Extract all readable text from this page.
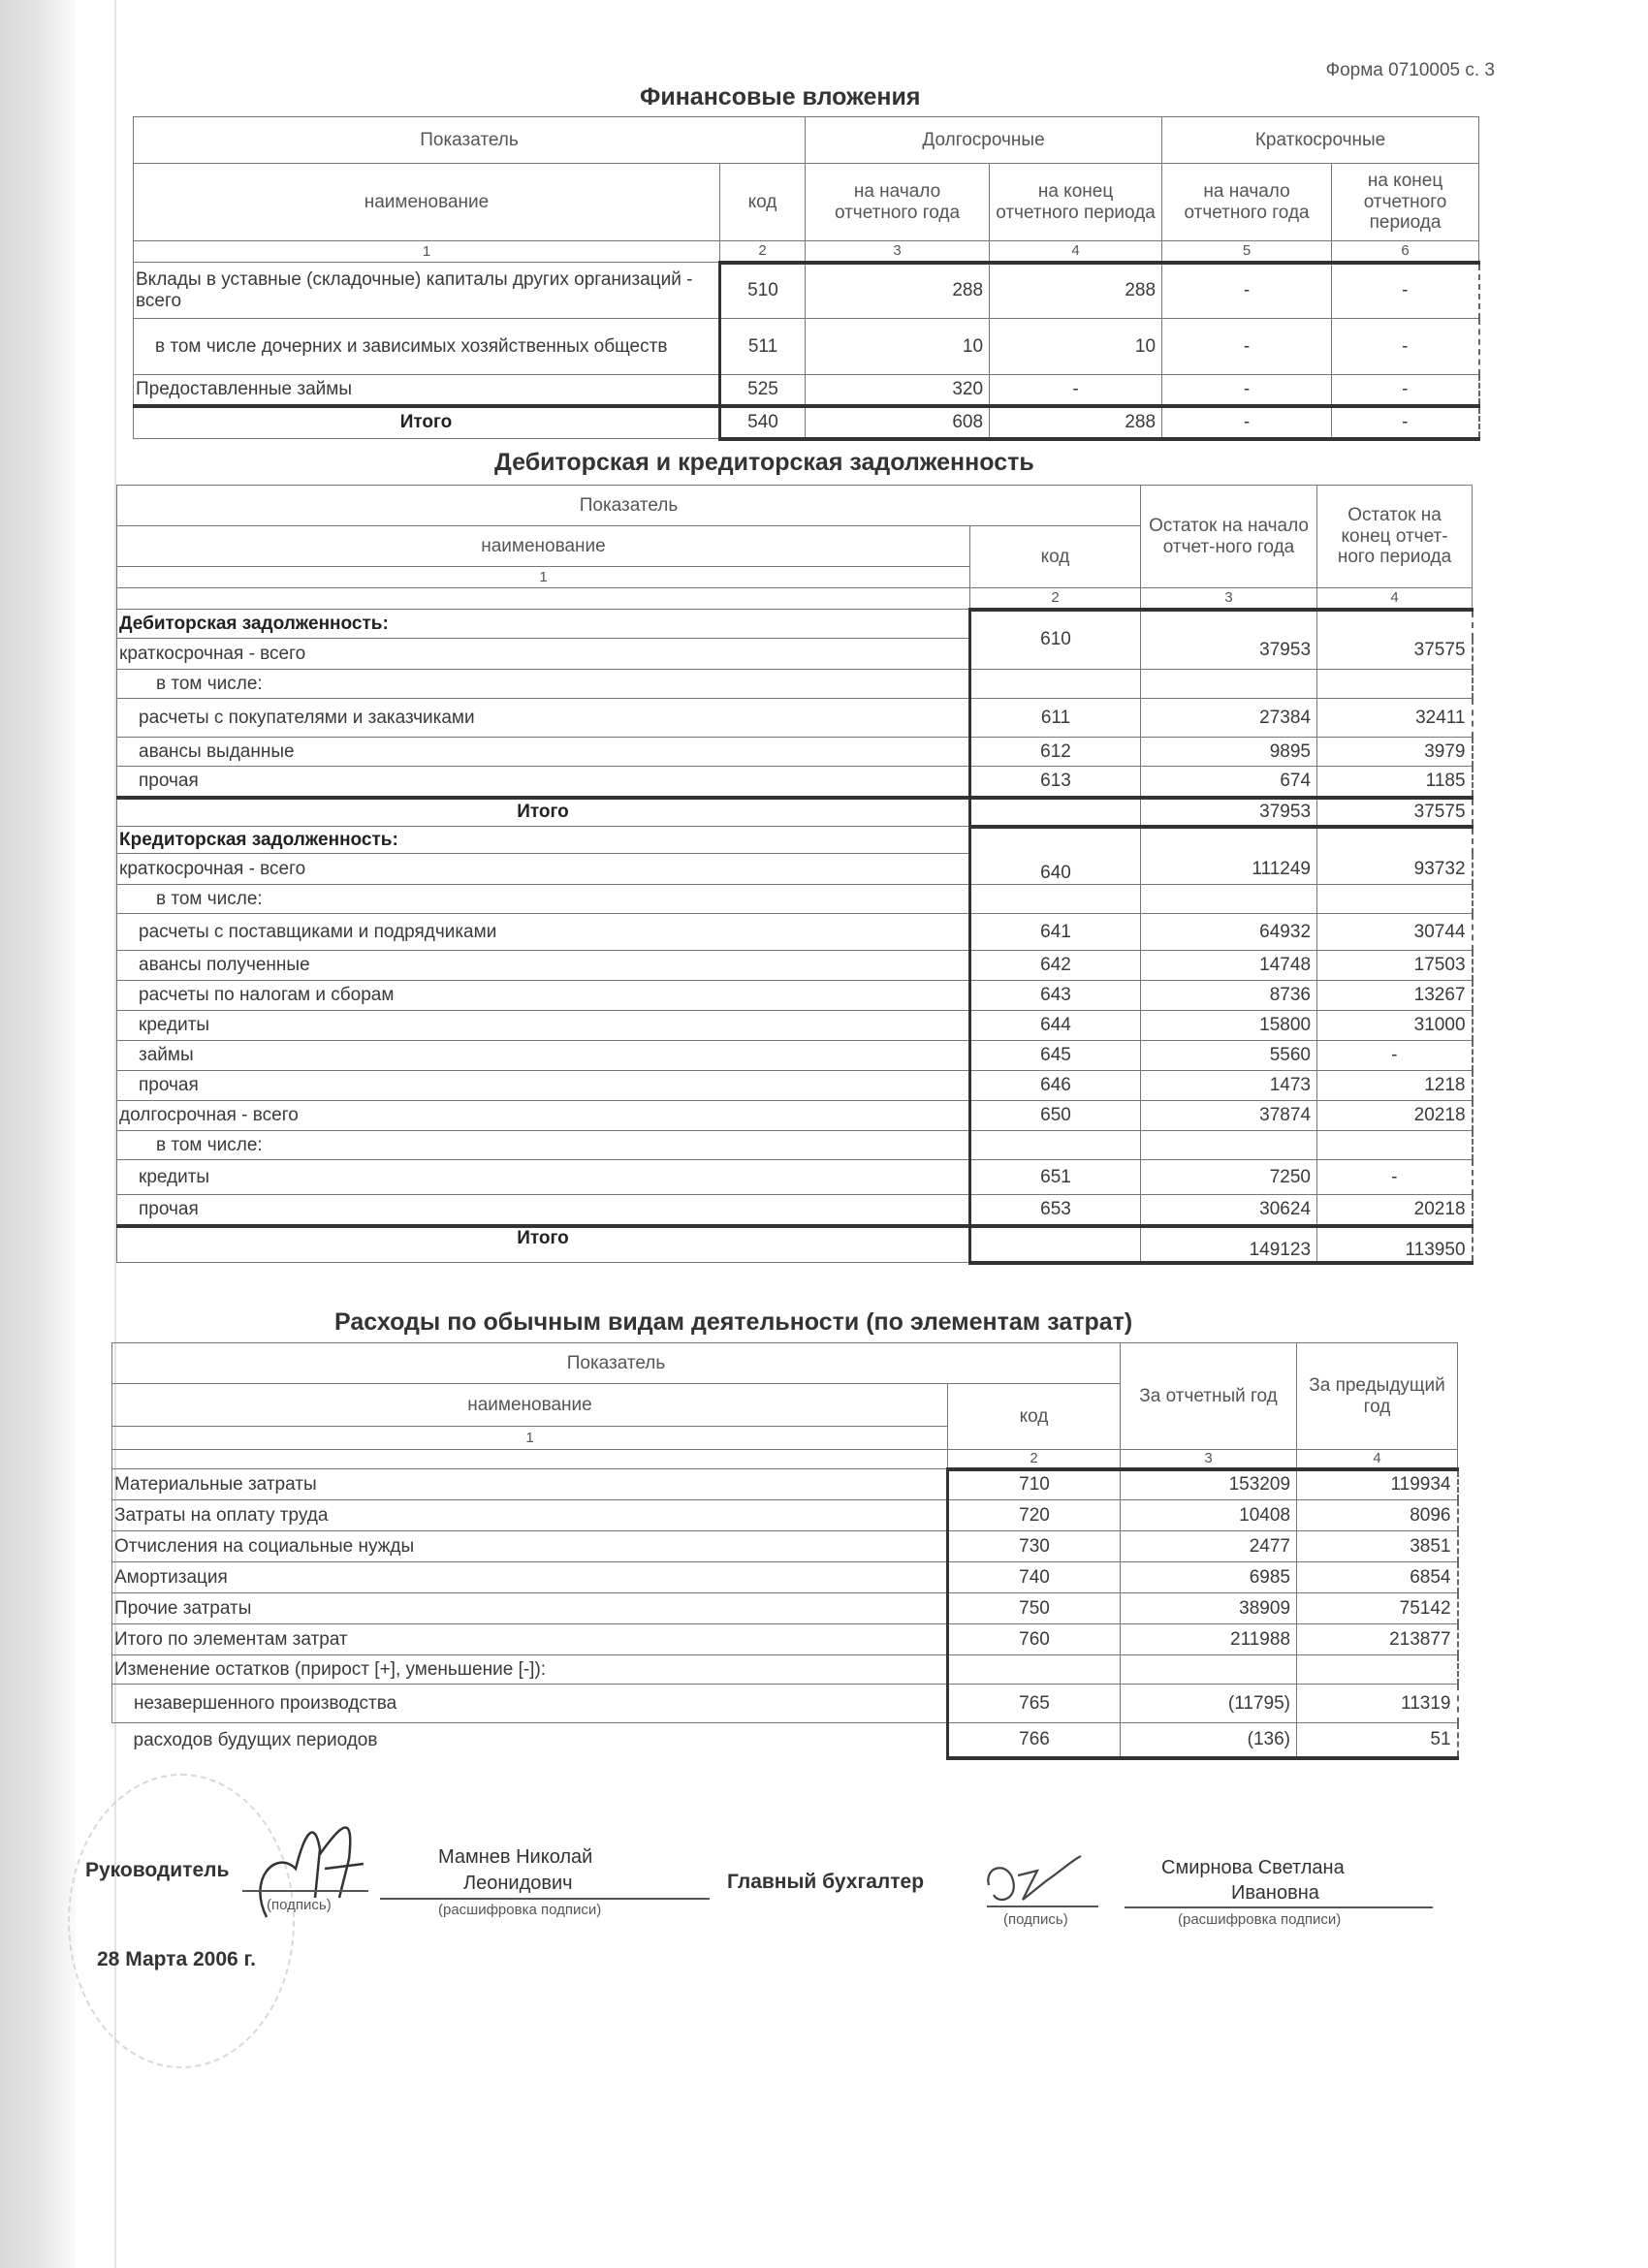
Форма 0710005 с. 3
Финансовые вложения
Показатель		Долгосрочные		Краткосрочные	
наименование	код	на начало отчетного года	на конец отчетного периода	на начало отчетного года	на конец отчетного периода
1	2	3	4	5	6
Вклады в уставные (складочные) капиталы других организаций - всего	510	288	288	-	-
в том числе дочерних и зависимых хозяйственных обществ	511	10	10	-	-
Предоставленные займы	525	320	-	-	-
Итого	540	608	288	-	-
Дебиторская и кредиторская задолженность
Показатель		Остаток на начало отчет-ного года	Остаток на конец отчет-ного периода
наименование	код		
1			
	2	3	4
Дебиторская задолженность:	610	37953	37575
краткосрочная - всего			
в том числе:			
расчеты с покупателями и заказчиками	611	27384	32411
авансы выданные	612	9895	3979
прочая	613	674	1185
Итого		37953	37575
Кредиторская задолженность:	640	111249	93732
краткосрочная - всего			
в том числе:			
расчеты с поставщиками и подрядчиками	641	64932	30744
авансы полученные	642	14748	17503
расчеты по налогам и сборам	643	8736	13267
кредиты	644	15800	31000
займы	645	5560	-
прочая	646	1473	1218
долгосрочная - всего	650	37874	20218
в том числе:			
кредиты	651	7250	-
прочая	653	30624	20218
Итого		149123	113950
Расходы по обычным видам деятельности (по элементам затрат)
Показатель		За отчетный год	За предыдущий год
наименование	код		
1			
	2	3	4
Материальные затраты	710	153209	119934
Затраты на оплату труда	720	10408	8096
Отчисления на социальные нужды	730	2477	3851
Амортизация	740	6985	6854
Прочие затраты	750	38909	75142
Итого по элементам затрат	760	211988	213877
Изменение остатков (прирост [+], уменьшение [-]):			
незавершенного производства	765	(11795)	11319
расходов будущих периодов	766	(136)	51
Руководитель
(подпись)
Мамнев Николай
Леонидович
(расшифровка подписи)
Главный бухгалтер
(подпись)
Смирнова Светлана
Ивановна
(расшифровка подписи)
28 Марта 2006 г.
